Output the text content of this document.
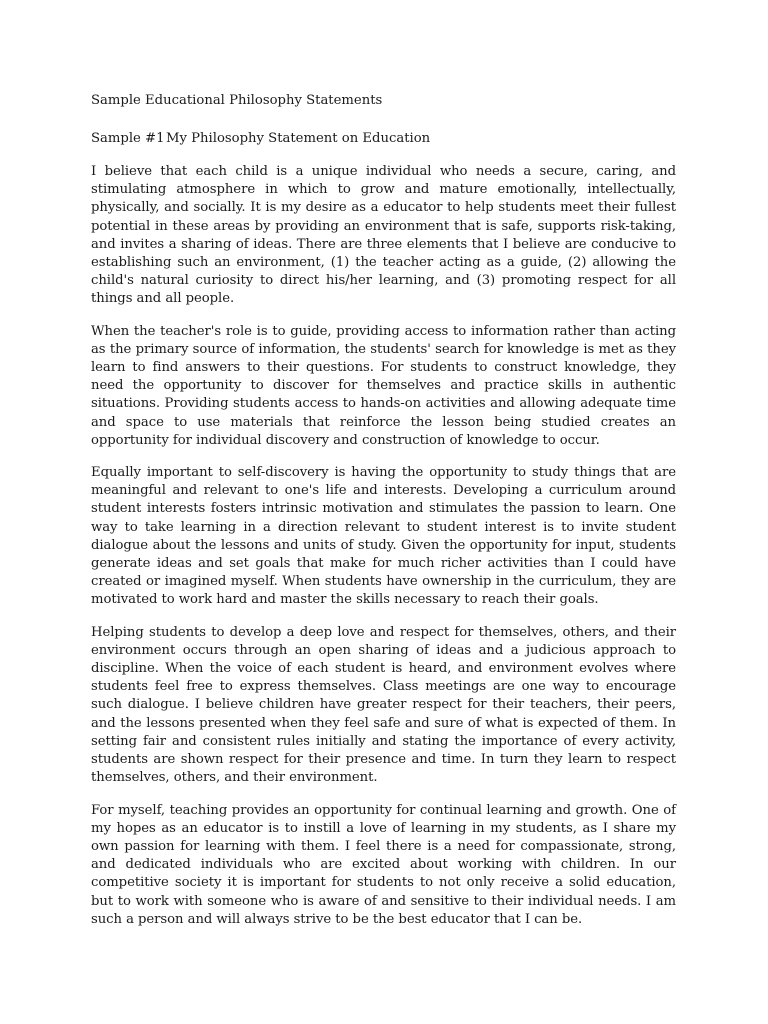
Sample Educational Philosophy Statements
Sample #1 My Philosophy Statement on Education

I believe that each child is a unique individual who needs a secure, caring, and stimulating atmosphere in which to grow and mature emotionally, intellectually, physically, and socially. It is my desire as a educator to help students meet their fullest potential in these areas by providing an environment that is safe, supports risk-taking, and invites a sharing of ideas. There are three elements that I believe are conducive to establishing such an environment, (1) the teacher acting as a guide, (2) allowing the child's natural curiosity to direct his/her learning, and (3) promoting respect for all things and all people.

When the teacher's role is to guide, providing access to information rather than acting as the primary source of information, the students' search for knowledge is met as they learn to find answers to their questions. For students to construct knowledge, they need the opportunity to discover for themselves and practice skills in authentic situations. Providing students access to hands-on activities and allowing adequate time and space to use materials that reinforce the lesson being studied creates an opportunity for individual discovery and construction of knowledge to occur.

Equally important to self-discovery is having the opportunity to study things that are meaningful and relevant to one's life and interests. Developing a curriculum around student interests fosters intrinsic motivation and stimulates the passion to learn. One way to take learning in a direction relevant to student interest is to invite student dialogue about the lessons and units of study. Given the opportunity for input, students generate ideas and set goals that make for much richer activities than I could have created or imagined myself. When students have ownership in the curriculum, they are motivated to work hard and master the skills necessary to reach their goals.

Helping students to develop a deep love and respect for themselves, others, and their environment occurs through an open sharing of ideas and a judicious approach to discipline. When the voice of each student is heard, and environment evolves where students feel free to express themselves. Class meetings are one way to encourage such dialogue. I believe children have greater respect for their teachers, their peers, and the lessons presented when they feel safe and sure of what is expected of them. In setting fair and consistent rules initially and stating the importance of every activity, students are shown respect for their presence and time. In turn they learn to respect themselves, others, and their environment.

For myself, teaching provides an opportunity for continual learning and growth. One of my hopes as an educator is to instill a love of learning in my students, as I share my own passion for learning with them. I feel there is a need for compassionate, strong, and dedicated individuals who are excited about working with children. In our competitive society it is important for students to not only receive a solid education, but to work with someone who is aware of and sensitive to their individual needs. I am such a person and will always strive to be the best educator that I can be.
